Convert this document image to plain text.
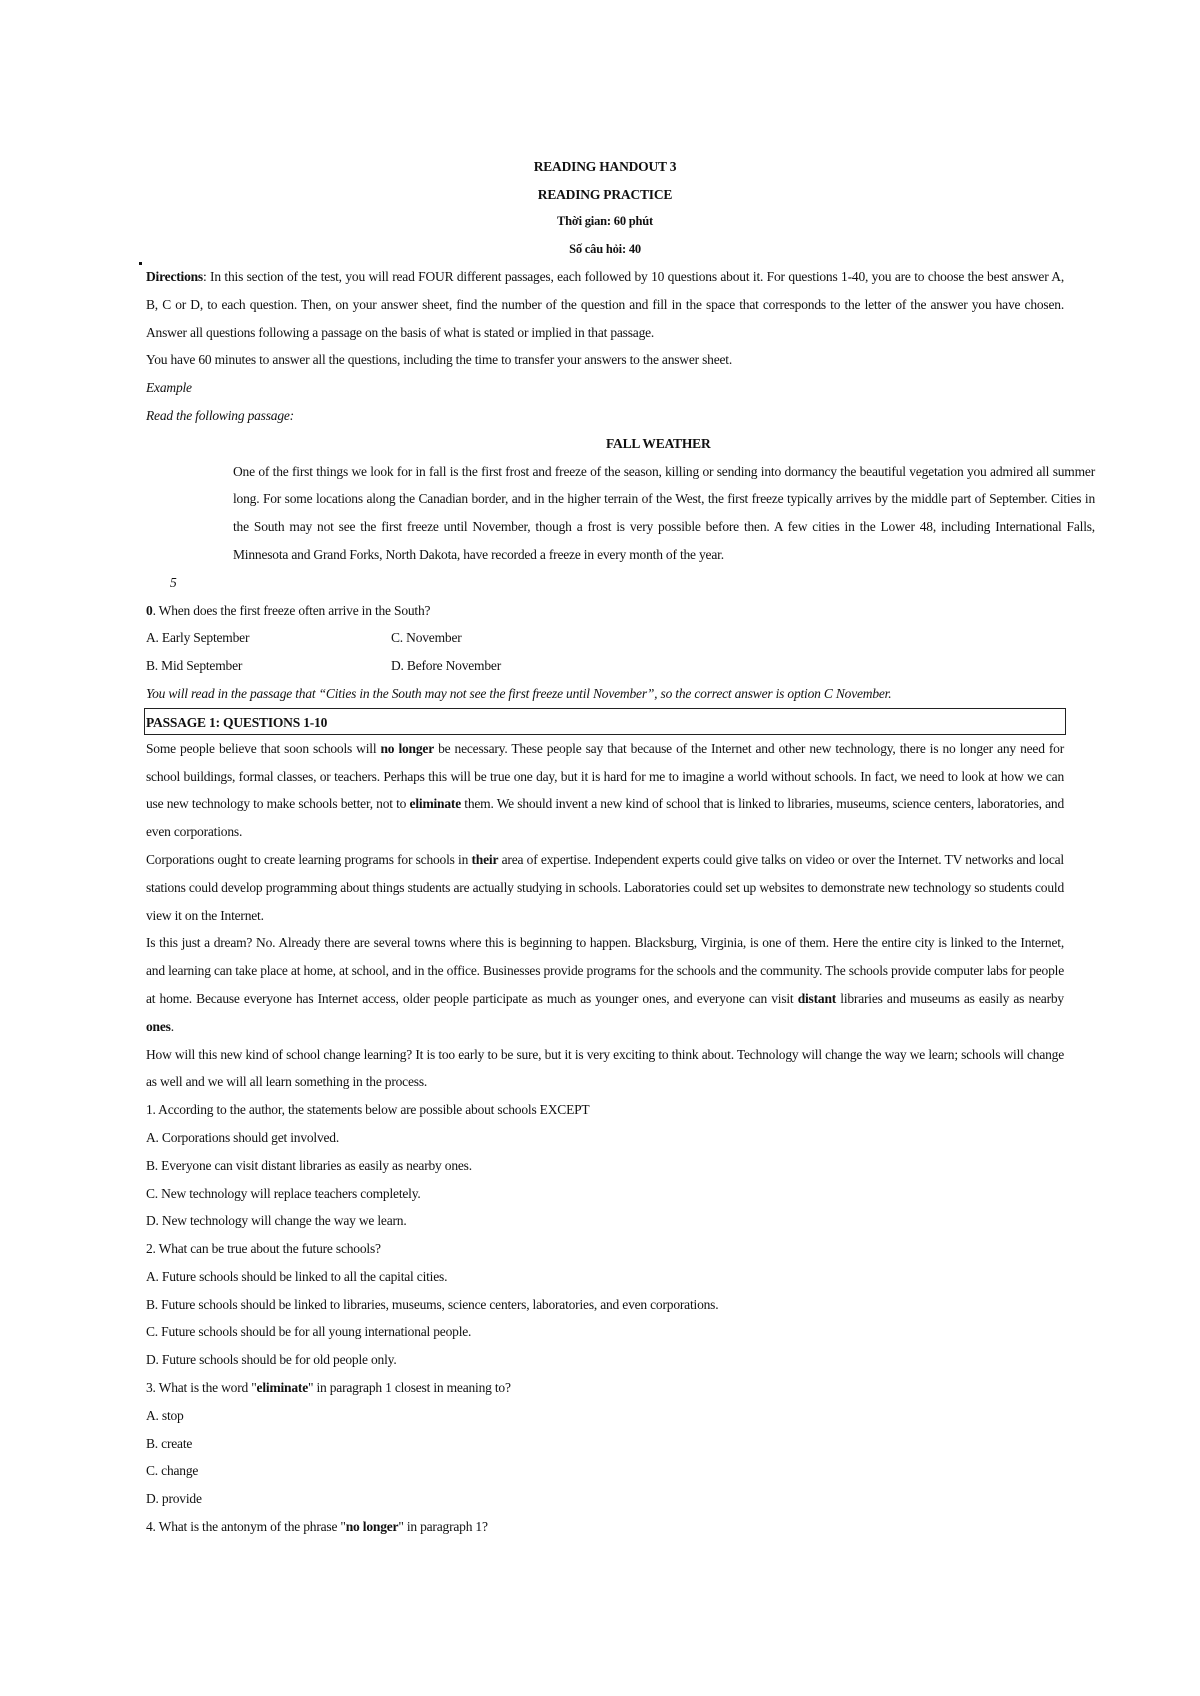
READING HANDOUT 3
READING PRACTICE
Thời gian: 60 phút
Số câu hỏi: 40

Directions: In this section of the test, you will read FOUR different passages, each followed by 10 questions about it. For questions 1-40, you are to choose the best answer A, B, C or D, to each question. Then, on your answer sheet, find the number of the question and fill in the space that corresponds to the letter of the answer you have chosen. Answer all questions following a passage on the basis of what is stated or implied in that passage.

You have 60 minutes to answer all the questions, including the time to transfer your answers to the answer sheet.

Example

Read the following passage:

FALL WEATHER

One of the first things we look for in fall is the first frost and freeze of the season, killing or sending into dormancy the beautiful vegetation you admired all summer long. For some locations along the Canadian border, and in the higher terrain of the West, the first freeze typically arrives by the middle part of September. Cities in the South may not see the first freeze until November, though a frost is very possible before then. A few cities in the Lower 48, including International Falls, Minnesota and Grand Forks, North Dakota, have recorded a freeze in every month of the year.

5

0. When does the first freeze often arrive in the South?

A. Early September	C. November
B. Mid September	D. Before November

You will read in the passage that “Cities in the South may not see the first freeze until November”, so the correct answer is option C November.

PASSAGE 1: QUESTIONS 1-10

Some people believe that soon schools will no longer be necessary. These people say that because of the Internet and other new technology, there is no longer any need for school buildings, formal classes, or teachers. Perhaps this will be true one day, but it is hard for me to imagine a world without schools. In fact, we need to look at how we can use new technology to make schools better, not to eliminate them. We should invent a new kind of school that is linked to libraries, museums, science centers, laboratories, and even corporations.

Corporations ought to create learning programs for schools in their area of expertise. Independent experts could give talks on video or over the Internet. TV networks and local stations could develop programming about things students are actually studying in schools. Laboratories could set up websites to demonstrate new technology so students could view it on the Internet.

Is this just a dream? No. Already there are several towns where this is beginning to happen. Blacksburg, Virginia, is one of them. Here the entire city is linked to the Internet, and learning can take place at home, at school, and in the office. Businesses provide programs for the schools and the community. The schools provide computer labs for people at home. Because everyone has Internet access, older people participate as much as younger ones, and everyone can visit distant libraries and museums as easily as nearby ones.

How will this new kind of school change learning? It is too early to be sure, but it is very exciting to think about. Technology will change the way we learn; schools will change as well and we will all learn something in the process.

1. According to the author, the statements below are possible about schools EXCEPT

A. Corporations should get involved.

B. Everyone can visit distant libraries as easily as nearby ones.

C. New technology will replace teachers completely.

D. New technology will change the way we learn.

2. What can be true about the future schools?

A. Future schools should be linked to all the capital cities.

B. Future schools should be linked to libraries, museums, science centers, laboratories, and even corporations.

C. Future schools should be for all young international people.

D. Future schools should be for old people only.

3. What is the word "eliminate" in paragraph 1 closest in meaning to?

A. stop

B. create

C. change

D. provide

4. What is the antonym of the phrase "no longer" in paragraph 1?
